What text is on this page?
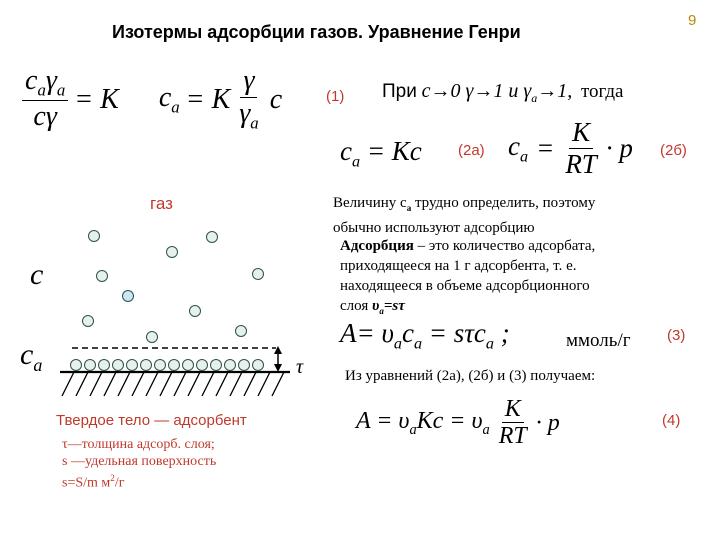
9
Изотермы адсорбции газов. Уравнение Генри
$\frac{c_a\gamma_a}{c\gamma} = K$ $c_a = K \frac{\gamma}{\gamma_a}$ c	(1) При c→0 γ→1 и $\gamma_a\to 1$, тогда
$c_a = Kc$ (2а) $c_a = \frac{K}{RT} \cdot p$ (2б)
Величину $с_а$ трудно определить, поэтому
обычно используют адсорбцию
Адсорбция – это количество адсорбата,
приходящееся на 1 г адсорбента, т. е.
находящееся в объеме адсорбционного
слоя $\upsilon_a=s\tau$
$A= \upsilon_ac_a = s\tau c_a$ ;	ммоль/г (3)
Из уравнений (2а), (2б) и (3) получаем:
$A = \upsilon_aKc = \upsilon_a \frac{K}{RT} \cdot p$	(4)
газ
c
$c_a$	τ
Твердое тело — адсорбент
τ—толщина адсорб. слоя;
s —удельная поверхность
s=S/m $м^2/г$
